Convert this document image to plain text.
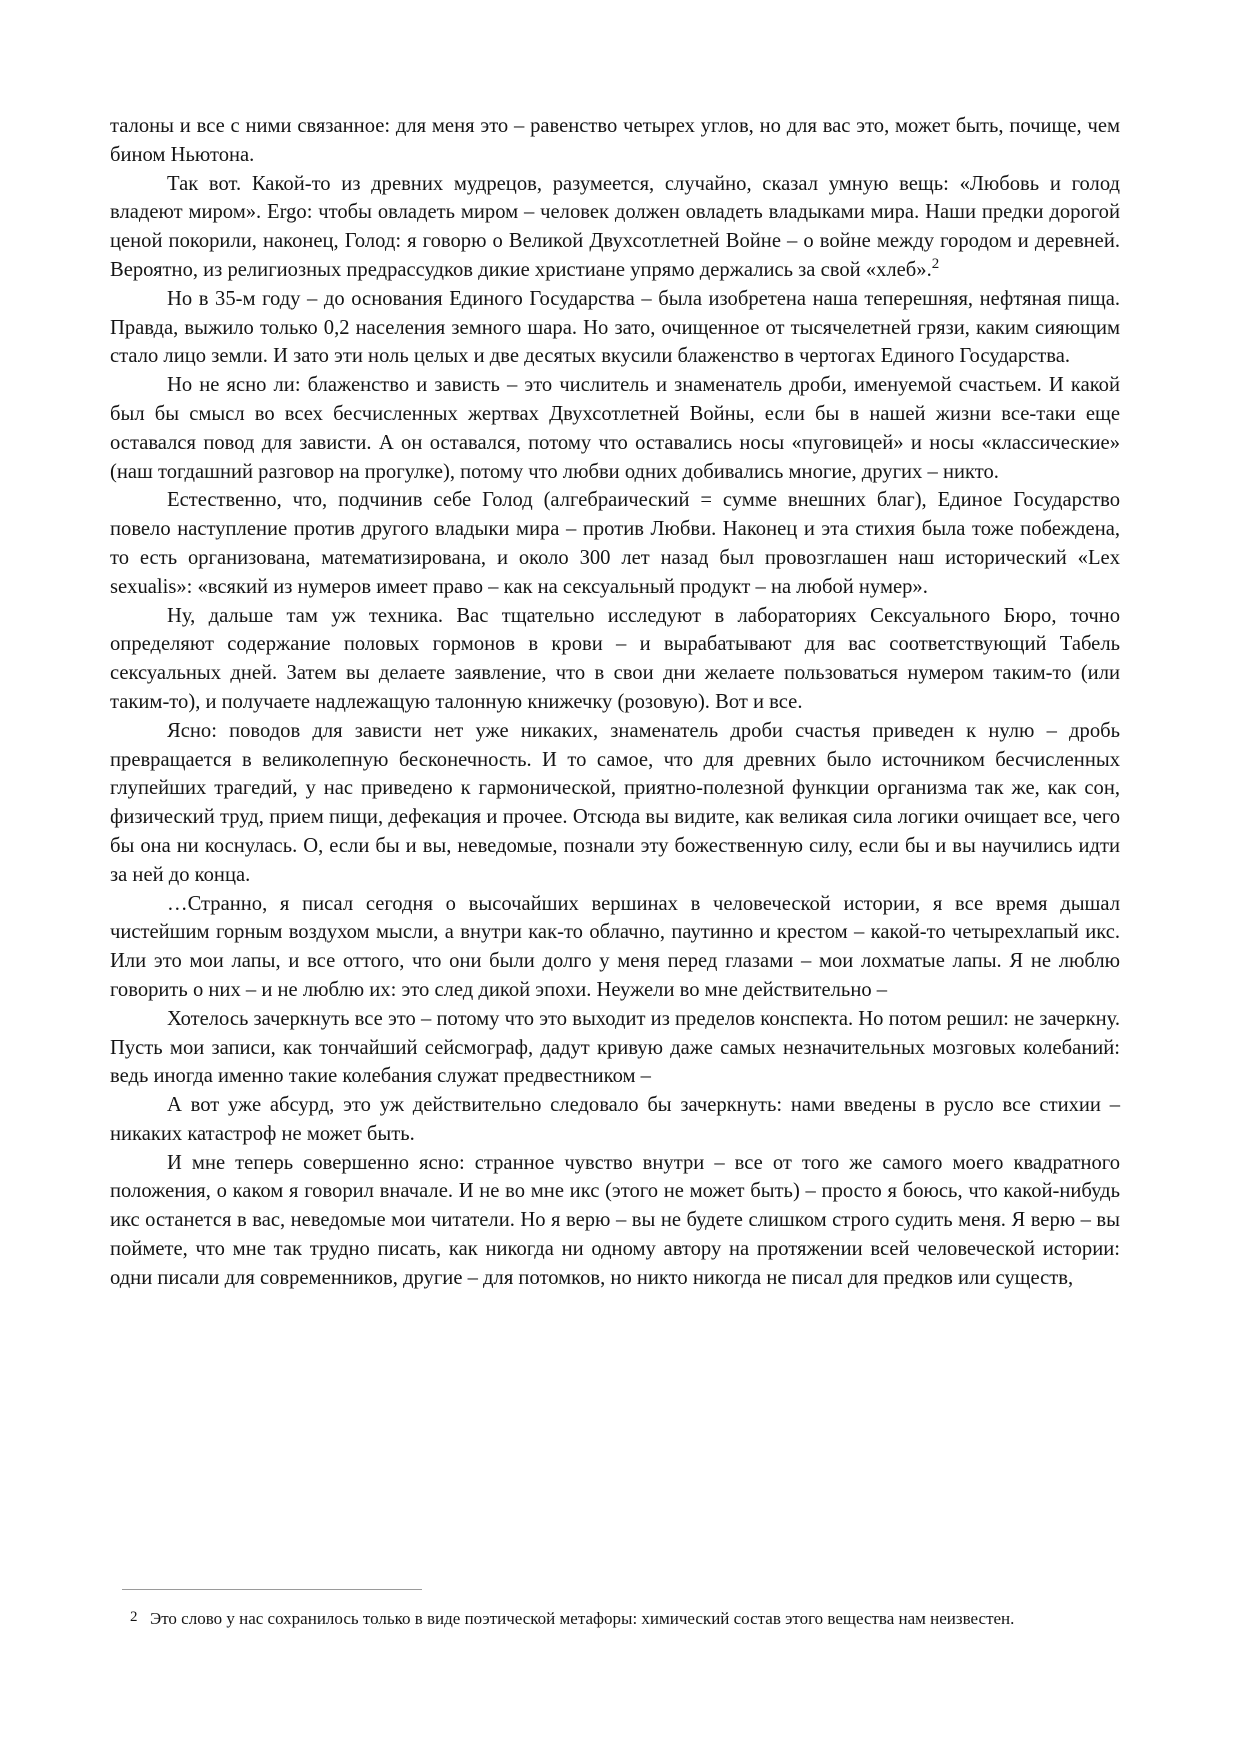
талоны и все с ними связанное: для меня это – равенство четырех углов, но для вас это, может быть, почище, чем бином Ньютона.

Так вот. Какой-то из древних мудрецов, разумеется, случайно, сказал умную вещь: «Любовь и голод владеют миром». Ergo: чтобы овладеть миром – человек должен овладеть владыками мира. Наши предки дорогой ценой покорили, наконец, Голод: я говорю о Великой Двухсотлетней Войне – о войне между городом и деревней. Вероятно, из религиозных предрассудков дикие христиане упрямо держались за свой «хлеб».$^2$

Но в 35-м году – до основания Единого Государства – была изобретена наша теперешняя, нефтяная пища. Правда, выжило только 0,2 населения земного шара. Но зато, очищенное от тысячелетней грязи, каким сияющим стало лицо земли. И зато эти ноль целых и две десятых вкусили блаженство в чертогах Единого Государства.

Но не ясно ли: блаженство и зависть – это числитель и знаменатель дроби, именуемой счастьем. И какой был бы смысл во всех бесчисленных жертвах Двухсотлетней Войны, если бы в нашей жизни все-таки еще оставался повод для зависти. А он оставался, потому что оставались носы «пуговицей» и носы «классические» (наш тогдашний разговор на прогулке), потому что любви одних добивались многие, других – никто.

Естественно, что, подчинив себе Голод (алгебраический = сумме внешних благ), Единое Государство повело наступление против другого владыки мира – против Любви. Наконец и эта стихия была тоже побеждена, то есть организована, математизирована, и около 300 лет назад был провозглашен наш исторический «Lex sexualis»: «всякий из нумеров имеет право – как на сексуальный продукт – на любой нумер».

Ну, дальше там уж техника. Вас тщательно исследуют в лабораториях Сексуального Бюро, точно определяют содержание половых гормонов в крови – и вырабатывают для вас соответствующий Табель сексуальных дней. Затем вы делаете заявление, что в свои дни желаете пользоваться нумером таким-то (или таким-то), и получаете надлежащую талонную книжечку (розовую). Вот и все.

Ясно: поводов для зависти нет уже никаких, знаменатель дроби счастья приведен к нулю – дробь превращается в великолепную бесконечность. И то самое, что для древних было источником бесчисленных глупейших трагедий, у нас приведено к гармонической, приятно-полезной функции организма так же, как сон, физический труд, прием пищи, дефекация и прочее. Отсюда вы видите, как великая сила логики очищает все, чего бы она ни коснулась. О, если бы и вы, неведомые, познали эту божественную силу, если бы и вы научились идти за ней до конца.

…Странно, я писал сегодня о высочайших вершинах в человеческой истории, я все время дышал чистейшим горным воздухом мысли, а внутри как-то облачно, паутинно и крестом – какой-то четырехлапый икс. Или это мои лапы, и все оттого, что они были долго у меня перед глазами – мои лохматые лапы. Я не люблю говорить о них – и не люблю их: это след дикой эпохи. Неужели во мне действительно –

Хотелось зачеркнуть все это – потому что это выходит из пределов конспекта. Но потом решил: не зачеркну. Пусть мои записи, как тончайший сейсмограф, дадут кривую даже самых незначительных мозговых колебаний: ведь иногда именно такие колебания служат предвестником –

А вот уже абсурд, это уж действительно следовало бы зачеркнуть: нами введены в русло все стихии – никаких катастроф не может быть.

И мне теперь совершенно ясно: странное чувство внутри – все от того же самого моего квадратного положения, о каком я говорил вначале. И не во мне икс (этого не может быть) – просто я боюсь, что какой-нибудь икс останется в вас, неведомые мои читатели. Но я верю – вы не будете слишком строго судить меня. Я верю – вы поймете, что мне так трудно писать, как никогда ни одному автору на протяжении всей человеческой истории: одни писали для современников, другие – для потомков, но никто никогда не писал для предков или существ,

2 Это слово у нас сохранилось только в виде поэтической метафоры: химический состав этого вещества нам неизвестен.
